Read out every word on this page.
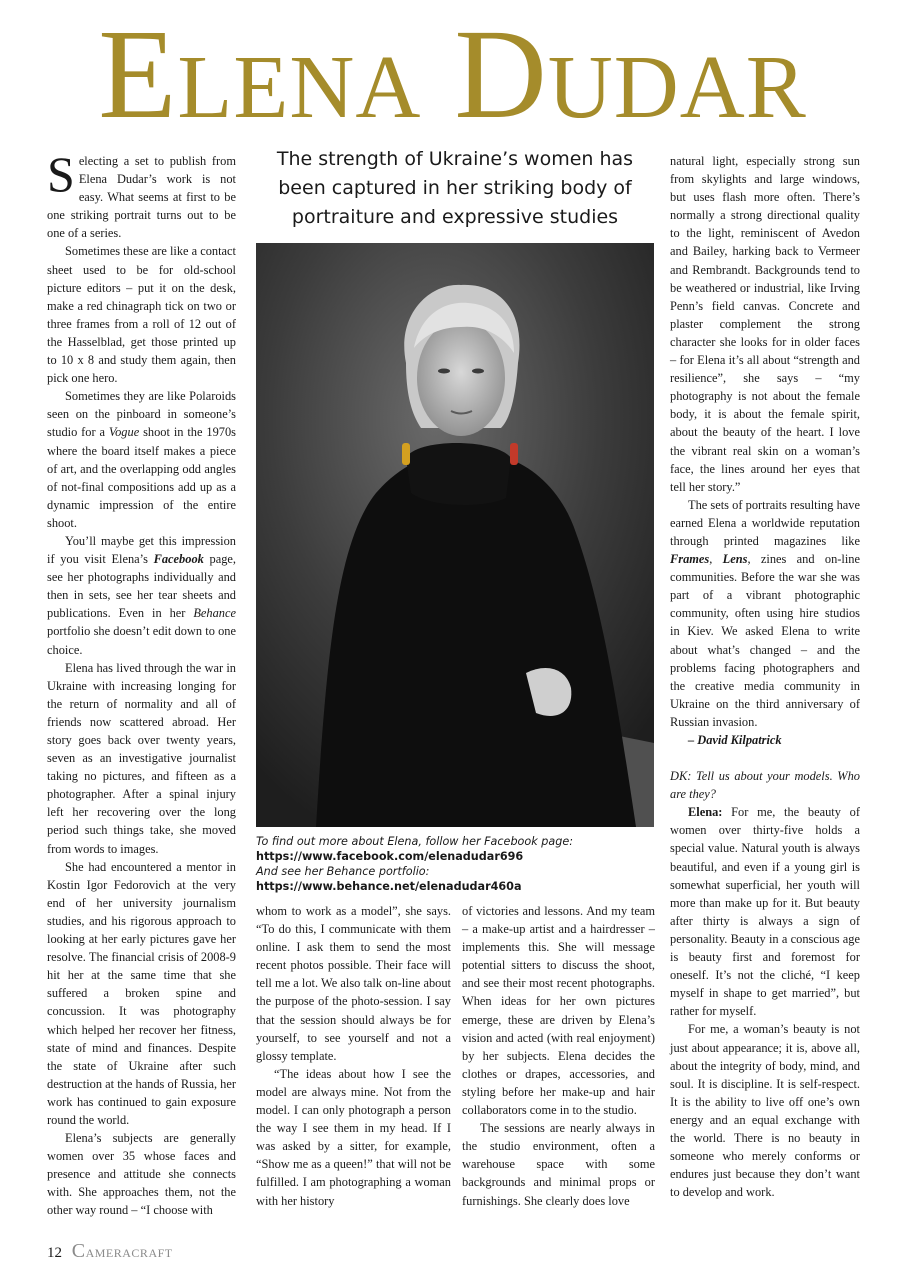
Elena Dudar

Selecting a set to publish from Elena Dudar’s work is not easy. What seems at first to be one striking portrait turns out to be one of a series.

Sometimes these are like a contact sheet used to be for old-school picture editors – put it on the desk, make a red chinagraph tick on two or three frames from a roll of 12 out of the Hasselblad, get those printed up to 10 x 8 and study them again, then pick one hero.

Sometimes they are like Polaroids seen on the pinboard in someone’s studio for a Vogue shoot in the 1970s where the board itself makes a piece of art, and the overlapping odd angles of not-final compositions add up as a dynamic impression of the entire shoot.

You’ll maybe get this impression if you visit Elena’s Facebook page, see her photographs individually and then in sets, see her tear sheets and publications. Even in her Behance portfolio she doesn’t edit down to one choice.

Elena has lived through the war in Ukraine with increasing longing for the return of normality and all of friends now scattered abroad. Her story goes back over twenty years, seven as an investigative journalist taking no pictures, and fifteen as a photographer. After a spinal injury left her recovering over the long period such things take, she moved from words to images.

She had encountered a mentor in Kostin Igor Fedorovich at the very end of her university journalism studies, and his rigorous approach to looking at her early pictures gave her resolve. The financial crisis of 2008-9 hit her at the same time that she suffered a broken spine and concussion. It was photography which helped her recover her fitness, state of mind and finances. Despite the state of Ukraine after such destruction at the hands of Russia, her work has continued to gain exposure round the world.

Elena’s subjects are generally women over 35 whose faces and presence and attitude she connects with. She approaches them, not the other way round – “I choose with

The strength of Ukraine’s women has been captured in her striking body of portraiture and expressive studies
To find out more about Elena, follow her Facebook page:
https://www.facebook.com/elenadudar696
And see her Behance portfolio:
https://www.behance.net/elenadudar460a

whom to work as a model”, she says. “To do this, I communicate with them online. I ask them to send the most recent photos possible. Their face will tell me a lot. We also talk on-line about the purpose of the photo-session. I say that the session should always be for yourself, to see yourself and not a glossy template.

“The ideas about how I see the model are always mine. Not from the model. I can only photograph a person the way I see them in my head. If I was asked by a sitter, for example, “Show me as a queen!” that will not be fulfilled. I am photographing a woman with her history

of victories and lessons. And my team – a make-up artist and a hairdresser – implements this. She will message potential sitters to discuss the shoot, and see their most recent photographs. When ideas for her own pictures emerge, these are driven by Elena’s vision and acted (with real enjoyment) by her subjects. Elena decides the clothes or drapes, accessories, and styling before her make-up and hair collaborators come in to the studio.

The sessions are nearly always in the studio environment, often a warehouse space with some backgrounds and minimal props or furnishings. She clearly does love

natural light, especially strong sun from skylights and large windows, but uses flash more often. There’s normally a strong directional quality to the light, reminiscent of Avedon and Bailey, harking back to Vermeer and Rembrandt. Backgrounds tend to be weathered or industrial, like Irving Penn’s field canvas. Concrete and plaster complement the strong character she looks for in older faces – for Elena it’s all about “strength and resilience”, she says – “my photography is not about the female body, it is about the female spirit, about the beauty of the heart. I love the vibrant real skin on a woman’s face, the lines around her eyes that tell her story.”

The sets of portraits resulting have earned Elena a worldwide reputation through printed magazines like Frames, Lens, zines and on-line communities. Before the war she was part of a vibrant photographic community, often using hire studios in Kiev. We asked Elena to write about what’s changed – and the problems facing photographers and the creative media community in Ukraine on the third anniversary of Russian invasion.

– David Kilpatrick

DK: Tell us about your models. Who are they?

Elena: For me, the beauty of women over thirty-five holds a special value. Natural youth is always beautiful, and even if a young girl is somewhat superficial, her youth will more than make up for it. But beauty after thirty is always a sign of personality. Beauty in a conscious age is beauty first and foremost for oneself. It’s not the cliché, “I keep myself in shape to get married”, but rather for myself.

For me, a woman’s beauty is not just about appearance; it is, above all, about the integrity of body, mind, and soul. It is discipline. It is self-respect. It is the ability to live off one’s own energy and an equal exchange with the world. There is no beauty in someone who merely conforms or endures just because they don’t want to develop and work.

12 CAMERACRAFT
